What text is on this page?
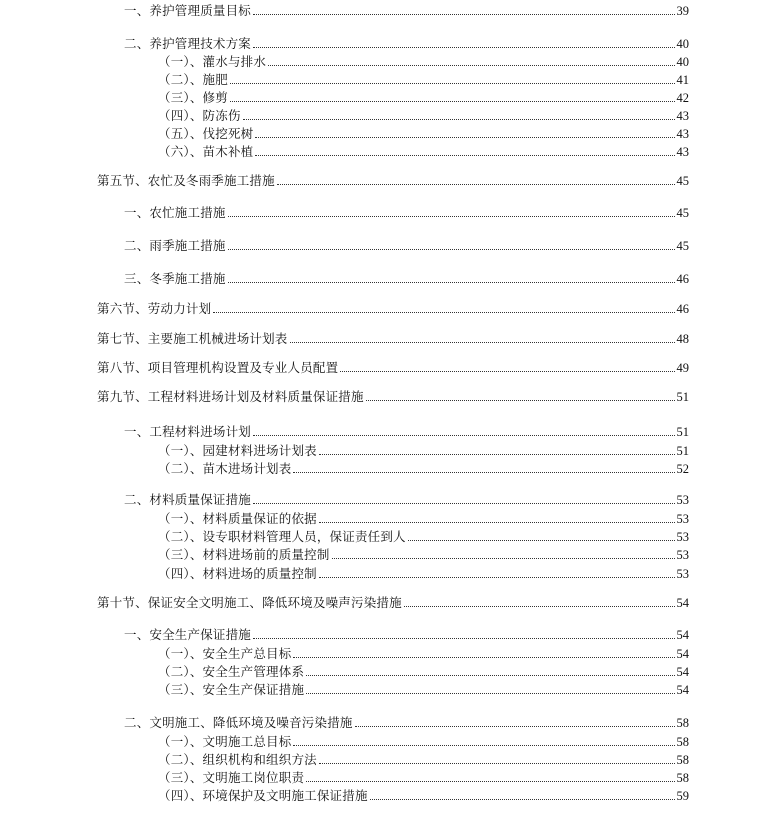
一、养护管理质量目标	39
二、养护管理技术方案	40
（一）、灌水与排水	40
（二）、施肥	41
（三）、修剪	42
（四）、防冻伤	43
（五）、伐挖死树	43
（六）、苗木补植	43
第五节、农忙及冬雨季施工措施	45
一、农忙施工措施	45
二、雨季施工措施	45
三、冬季施工措施	46
第六节、劳动力计划	46
第七节、主要施工机械进场计划表	48
第八节、项目管理机构设置及专业人员配置	49
第九节、工程材料进场计划及材料质量保证措施	51
一、工程材料进场计划	51
（一）、园建材料进场计划表	51
（二）、苗木进场计划表	52
二、材料质量保证措施	53
（一）、材料质量保证的依据	53
（二）、设专职材料管理人员，保证责任到人	53
（三）、材料进场前的质量控制	53
（四）、材料进场的质量控制	53
第十节、保证安全文明施工、降低环境及噪声污染措施	54
一、安全生产保证措施	54
（一）、安全生产总目标	54
（二）、安全生产管理体系	54
（三）、安全生产保证措施	54
二、文明施工、降低环境及噪音污染措施	58
（一）、文明施工总目标	58
（二）、组织机构和组织方法	58
（三）、文明施工岗位职责	58
（四）、环境保护及文明施工保证措施	59
